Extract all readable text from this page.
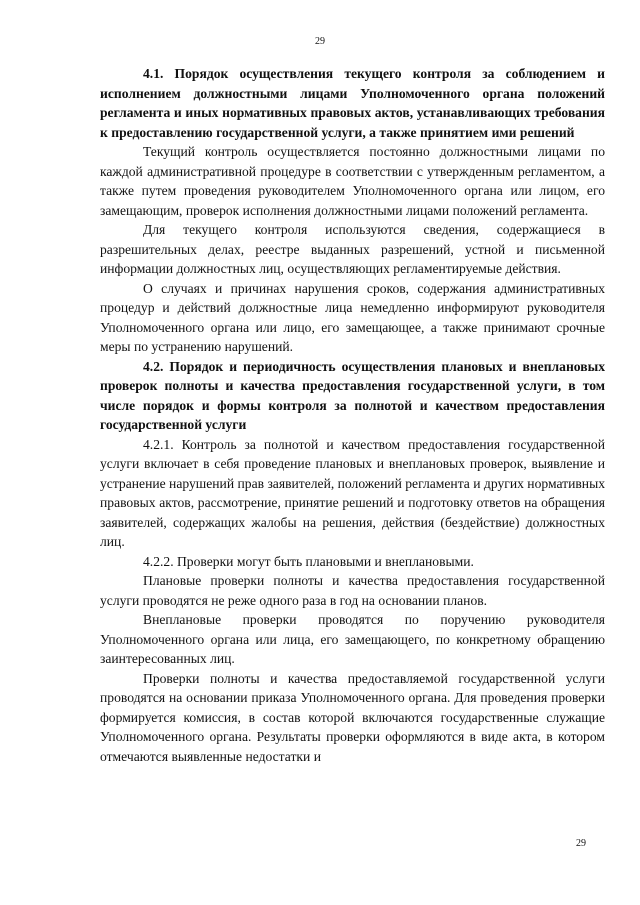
29

4.1. Порядок осуществления текущего контроля за соблюдением и исполнением должностными лицами Уполномоченного органа положений регламента и иных нормативных правовых актов, устанавливающих требования к предоставлению государственной услуги, а также принятием ими решений

Текущий контроль осуществляется постоянно должностными лицами по каждой административной процедуре в соответствии с утвержденным регламентом, а также путем проведения руководителем Уполномоченного органа или лицом, его замещающим, проверок исполнения должностными лицами положений регламента.

Для текущего контроля используются сведения, содержащиеся в разрешительных делах, реестре выданных разрешений, устной и письменной информации должностных лиц, осуществляющих регламентируемые действия.

О случаях и причинах нарушения сроков, содержания административных процедур и действий должностные лица немедленно информируют руководителя Уполномоченного органа или лицо, его замещающее, а также принимают срочные меры по устранению нарушений.

4.2. Порядок и периодичность осуществления плановых и внеплановых проверок полноты и качества предоставления государственной услуги, в том числе порядок и формы контроля за полнотой и качеством предоставления государственной услуги

4.2.1. Контроль за полнотой и качеством предоставления государственной услуги включает в себя проведение плановых и внеплановых проверок, выявление и устранение нарушений прав заявителей, положений регламента и других нормативных правовых актов, рассмотрение, принятие решений и подготовку ответов на обращения заявителей, содержащих жалобы на решения, действия (бездействие) должностных лиц.

4.2.2. Проверки могут быть плановыми и внеплановыми.

Плановые проверки полноты и качества предоставления государственной услуги проводятся не реже одного раза в год на основании планов.

Внеплановые проверки проводятся по поручению руководителя Уполномоченного органа или лица, его замещающего, по конкретному обращению заинтересованных лиц.

Проверки полноты и качества предоставляемой государственной услуги проводятся на основании приказа Уполномоченного органа. Для проведения проверки формируется комиссия, в состав которой включаются государственные служащие Уполномоченного органа. Результаты проверки оформляются в виде акта, в котором отмечаются выявленные недостатки и

29
